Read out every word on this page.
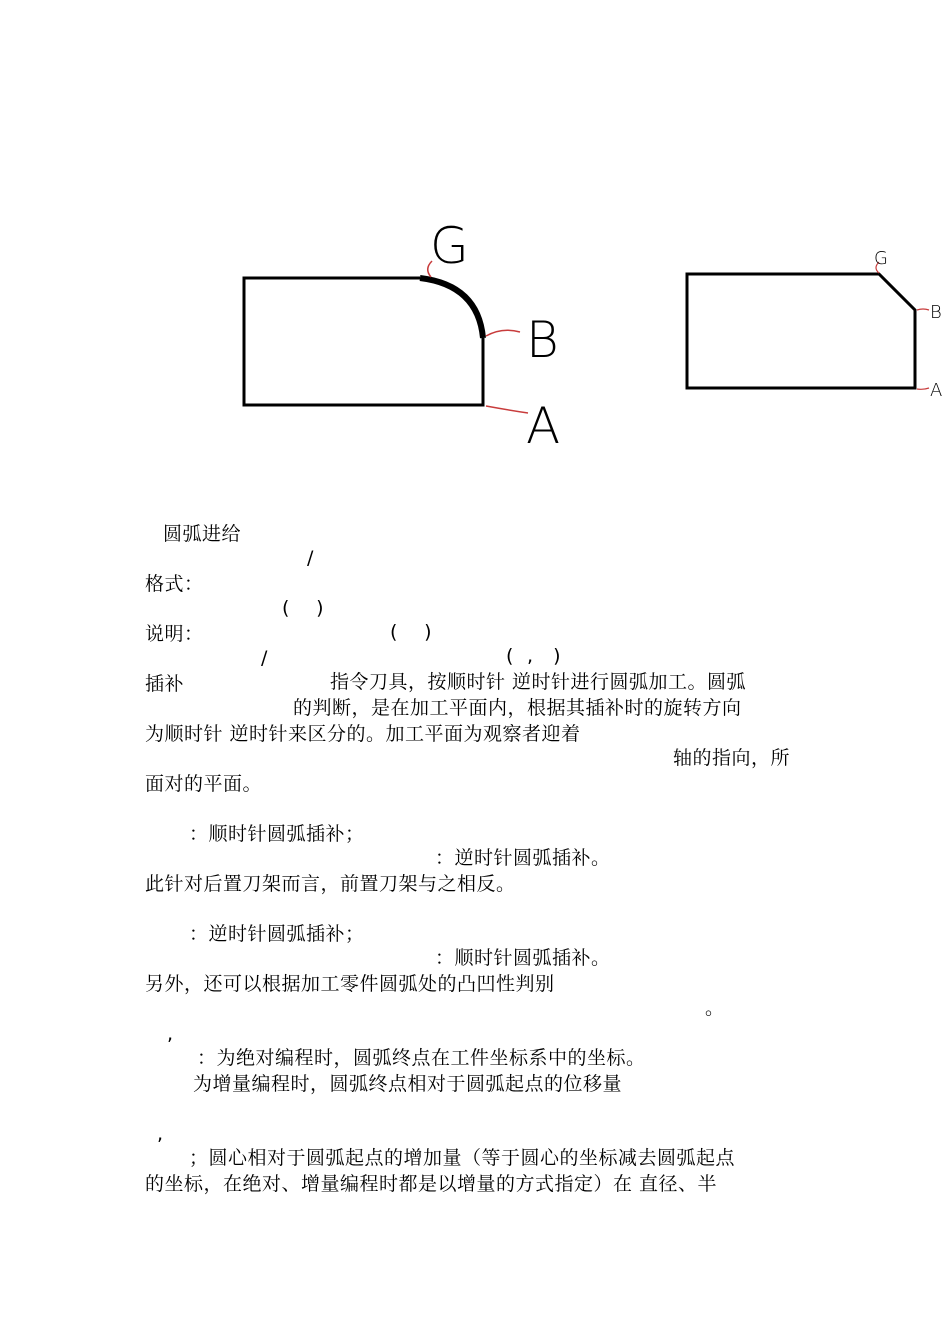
G
B
A
G
B
A

圆弧进给

/

格式：

(    )

(    )

(  ,   )

说明：

/

指令刀具，按顺时针 逆时针进行圆弧加工。圆弧

插补

的判断，是在加工平面内，根据其插补时的旋转方向

为顺时针 逆时针来区分的。加工平面为观察者迎着

轴的指向，所

面对的平面。

：顺时针圆弧插补；

：逆时针圆弧插补。

此针对后置刀架而言，前置刀架与之相反。

：逆时针圆弧插补；

：顺时针圆弧插补。

另外，还可以根据加工零件圆弧处的凸凹性判别

。

,

：为绝对编程时，圆弧终点在工件坐标系中的坐标。

为增量编程时，圆弧终点相对于圆弧起点的位移量

,

；圆心相对于圆弧起点的增加量（等于圆心的坐标减去圆弧起点

的坐标，在绝对、增量编程时都是以增量的方式指定）在 直径、半
